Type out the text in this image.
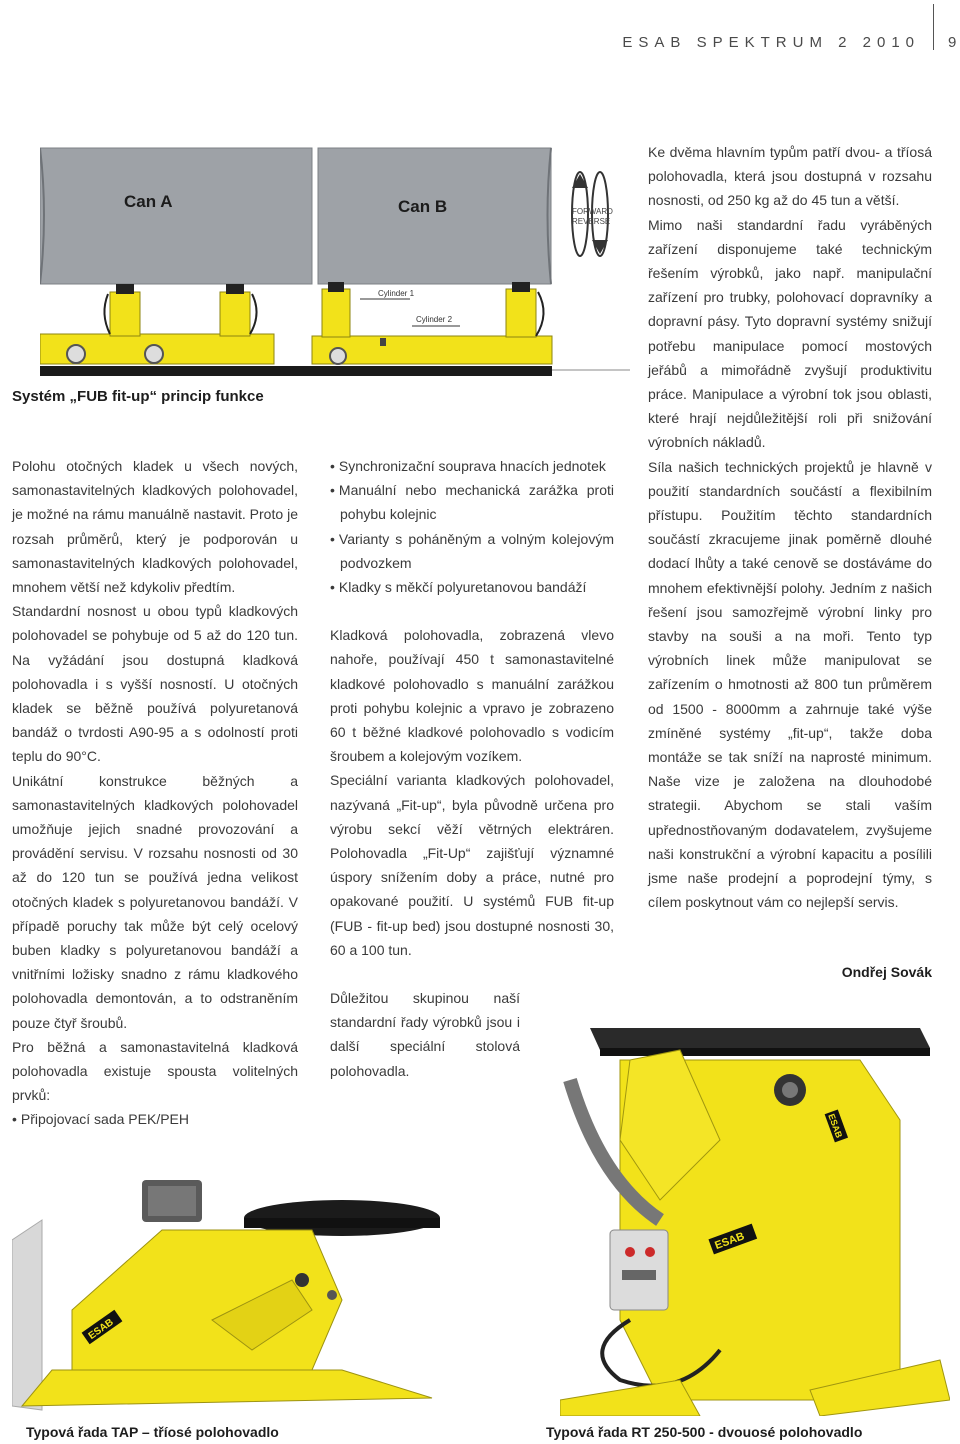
ESAB SPEKTRUM 2 2010 9
Can A	Can B	FORWARD
REVERSE
Cylinder 1
Cylinder 2
Systém „FUB fit-up“ princip funkce

Polohu otočných kladek u všech nových, samonastavitelných kladkových polohovadel, je možné na rámu manuálně nastavit. Proto je rozsah průměrů, který je podporován u samonastavitelných kladkových polohovadel, mnohem větší než kdykoliv předtím.

Standardní nosnost u obou typů kladkových polohovadel se pohybuje od 5 až do 120 tun. Na vyžádání jsou dostupná kladková polohovadla i s vyšší nosností. U otočných kladek se běžně používá polyuretanová bandáž o tvrdosti A90-95 a s odolností proti teplu do 90°C.

Unikátní konstrukce běžných a samonastavitelných kladkových polohovadel umožňuje jejich snadné provozování a provádění servisu. V rozsahu nosnosti od 30 až do 120 tun se používá jedna velikost otočných kladek s polyuretanovou bandáží. V případě poruchy tak může být celý ocelový buben kladky s polyuretanovou bandáží a vnitřními ložisky snadno z rámu kladkového polohovadla demontován, a to odstraněním pouze čtyř šroubů.

Pro běžná a samonastavitelná kladková polohovadla existuje spousta volitelných prvků:

• Připojovací sada PEK/PEH
• Synchronizační souprava hnacích jednotek
• Manuální nebo mechanická zarážka proti pohybu kolejnic
• Varianty s poháněným a volným kolejovým podvozkem
• Kladky s měkčí polyuretanovou bandáží

Kladková polohovadla, zobrazená vlevo nahoře, používají 450 t samonastavitelné kladkové polohovadlo s manuální zarážkou proti pohybu kolejnic a vpravo je zobrazeno 60 t běžné kladkové polohovadlo s vodicím šroubem a kolejovým vozíkem.

Speciální varianta kladkových polohovadel, nazývaná „Fit-up“, byla původně určena pro výrobu sekcí věží větrných elektráren. Polohovadla „Fit-Up“ zajišťují významné úspory snížením doby a práce, nutné pro opakované použití. U systémů FUB fit-up (FUB - fit-up bed) jsou dostupné nosnosti 30, 60 a 100 tun.

Důležitou skupinou naší standardní řady výrobků jsou i další speciální stolová polohovadla.

Ke dvěma hlavním typům patří dvou- a tříosá polohovadla, která jsou dostupná v rozsahu nosnosti, od 250 kg až do 45 tun a větší.

Mimo naši standardní řadu vyráběných zařízení disponujeme také technickým řešením výrobků, jako např. manipulační zařízení pro trubky, polohovací dopravníky a dopravní pásy. Tyto dopravní systémy snižují potřebu manipulace pomocí mostových jeřábů a mimořádně zvyšují produktivitu práce. Manipulace a výrobní tok jsou oblasti, které hrají nejdůležitější roli při snižování výrobních nákladů.

Síla našich technických projektů je hlavně v použití standardních součástí a flexibilním přístupu. Použitím těchto standardních součástí zkracujeme jinak poměrně dlouhé dodací lhůty a také cenově se dostáváme do mnohem efektivnější polohy. Jedním z našich řešení jsou samozřejmě výrobní linky pro stavby na souši a na moři. Tento typ výrobních linek může manipulovat se zařízením o hmotnosti až 800 tun průměrem od 1500 - 8000mm a zahrnuje také výše zmíněné systémy „fit-up“, takže doba montáže se tak sníží na naprosté minimum. Naše vize je založena na dlouhodobé strategii. Abychom se stali vaším upřednostňovaným dodavatelem, zvyšujeme naši konstrukční a výrobní kapacitu a posílili jsme naše prodejní a poprodejní týmy, s cílem poskytnout vám co nejlepší servis.

Ondřej Sovák
ESAB
Typová řada TAP – tříosé polohovadlo
ESAB
ESAB
Typová řada RT 250-500 - dvouosé polohovadlo
